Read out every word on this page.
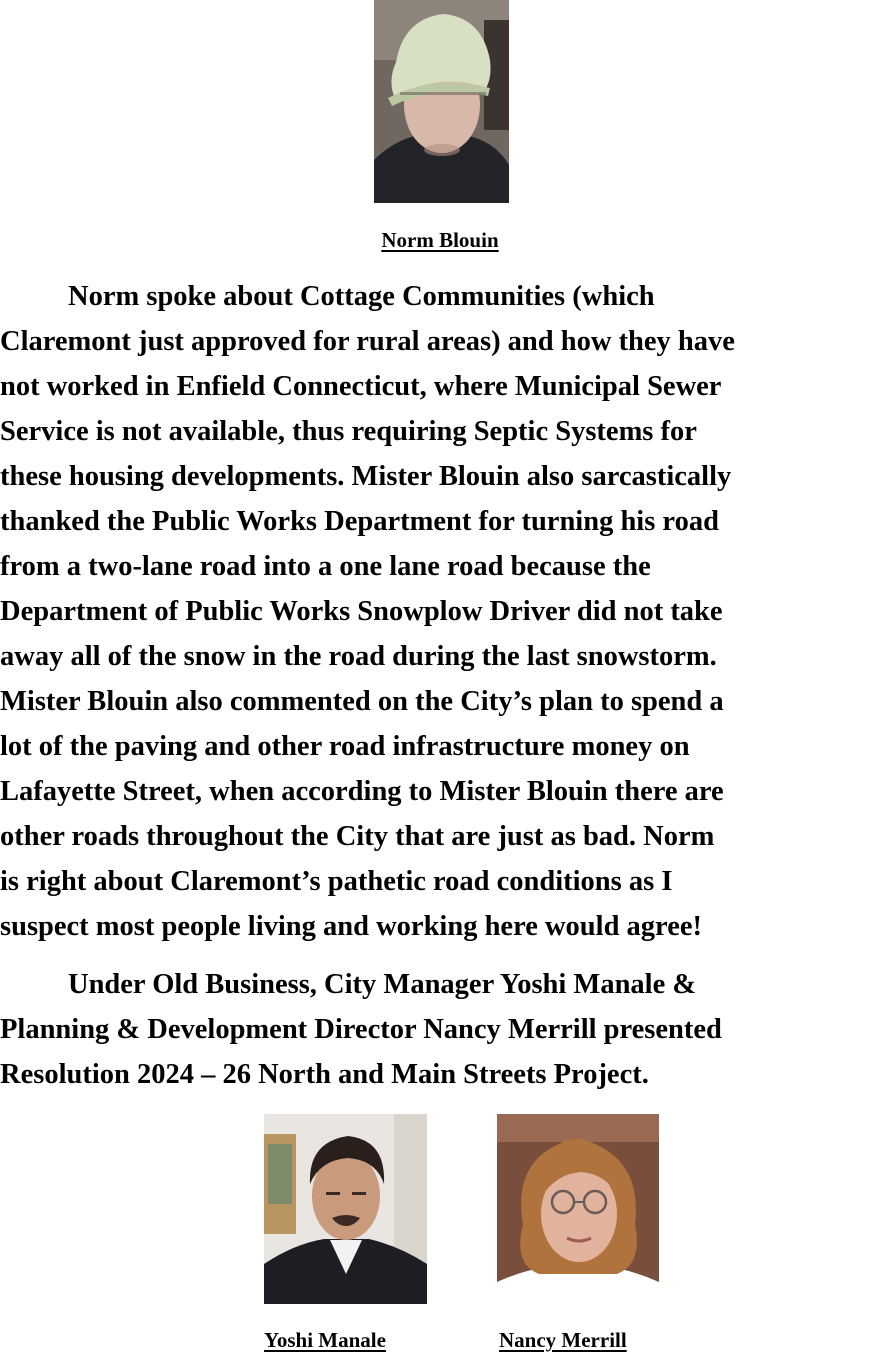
Norm Blouin

Norm spoke about Cottage Communities (which
Claremont just approved for rural areas) and how they have
not worked in Enfield Connecticut, where Municipal Sewer
Service is not available, thus requiring Septic Systems for
these housing developments. Mister Blouin also sarcastically
thanked the Public Works Department for turning his road
from a two-lane road into a one lane road because the
Department of Public Works Snowplow Driver did not take
away all of the snow in the road during the last snowstorm.
Mister Blouin also commented on the City’s plan to spend a
lot of the paving and other road infrastructure money on
Lafayette Street, when according to Mister Blouin there are
other roads throughout the City that are just as bad. Norm
is right about Claremont’s pathetic road conditions as I
suspect most people living and working here would agree!

Under Old Business, City Manager Yoshi Manale &
Planning & Development Director Nancy Merrill presented
Resolution 2024 – 26 North and Main Streets Project.

Yoshi Manale	Nancy Merrill
